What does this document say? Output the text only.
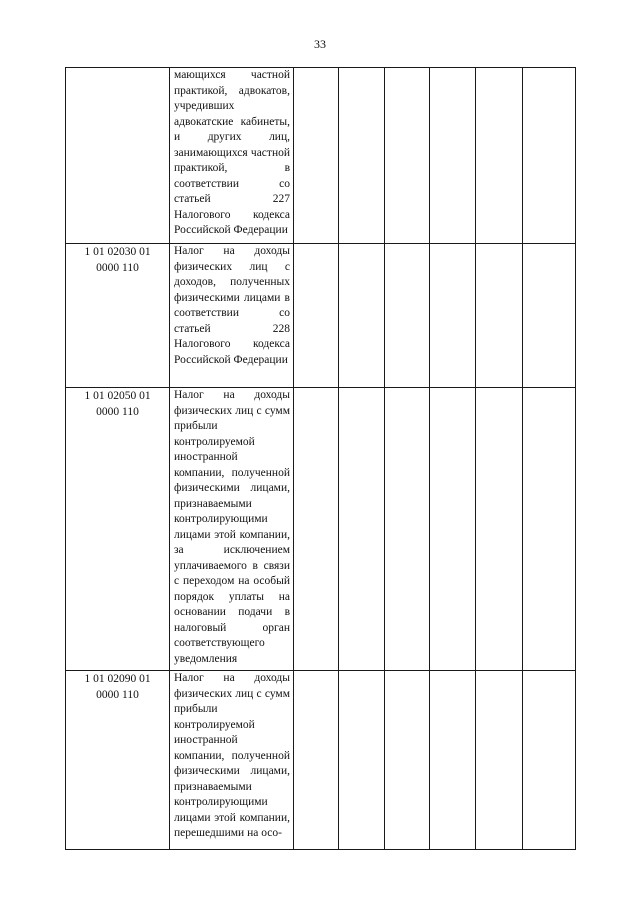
33

	мающихся частной практикой, адвокатов, учредивших адвокатские кабинеты, и других лиц, занимающихся частной практикой, в соответствии со статьей 227 Налогового кодекса Российской Федерации						

1 01 02030 01
0000 110	Налог на доходы физических лиц с доходов, полученных физическими лицами в соответствии со статьей 228 Налогового кодекса Российской Федерации						

1 01 02050 01
0000 110	Налог на доходы физических лиц с сумм прибыли контролируемой иностранной компании, полученной физическими лицами, признаваемыми контролирующими лицами этой компании, за исключением уплачиваемого в связи с переходом на особый порядок уплаты на основании подачи в налоговый орган соответствующего уведомления						

1 01 02090 01
0000 110	Налог на доходы физических лиц с сумм прибыли контролируемой иностранной компании, полученной физическими лицами, признаваемыми контролирующими лицами этой компании, перешедшими на осо-						
